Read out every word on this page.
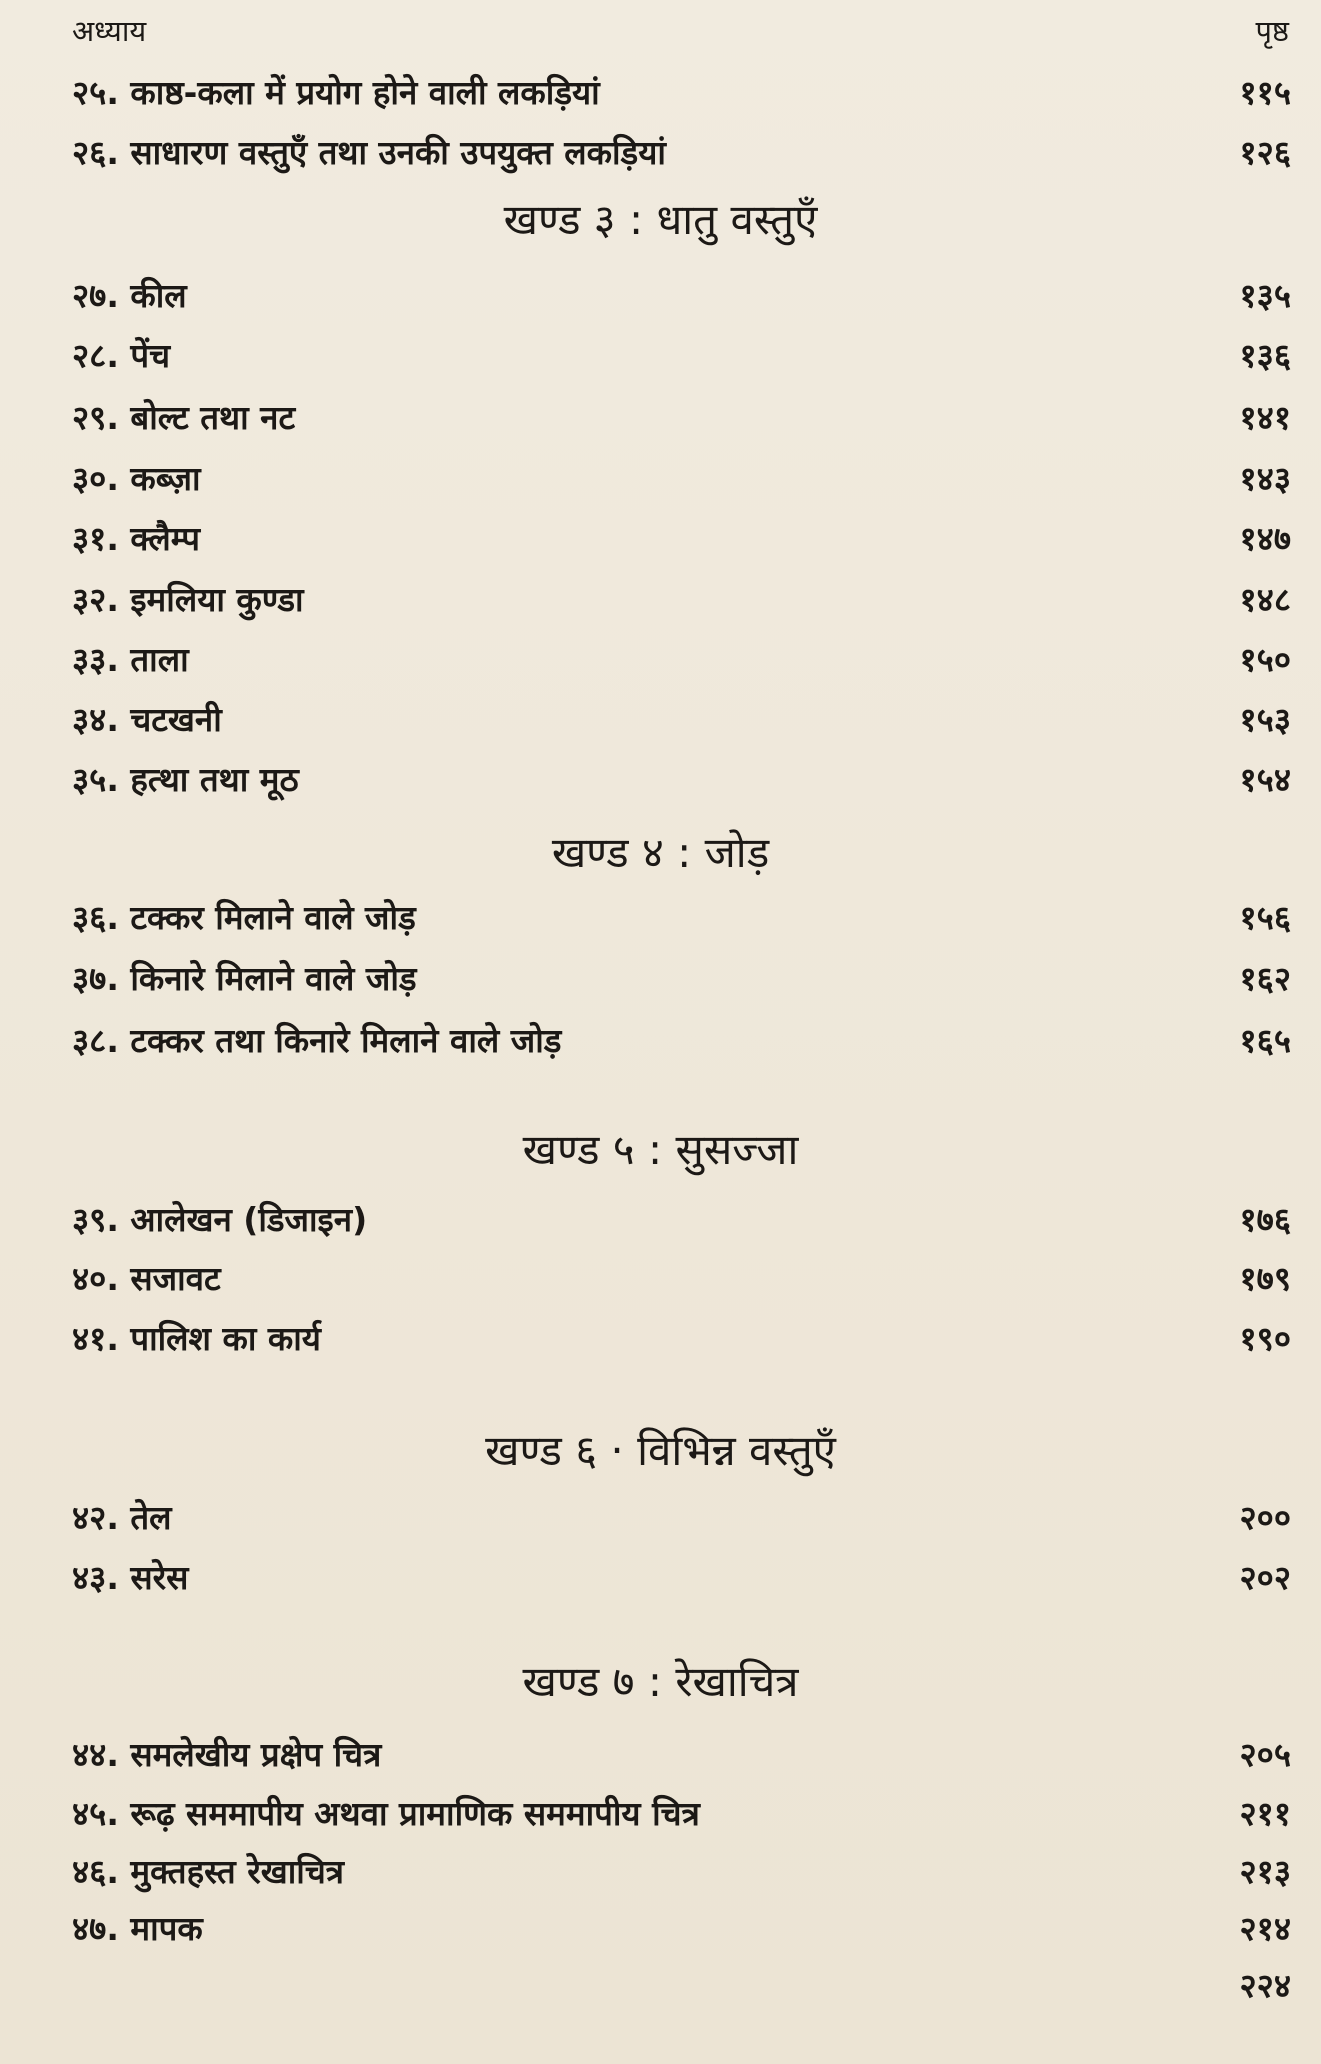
अध्याय	पृष्ठ
२५. काष्ठ-कला में प्रयोग होने वाली लकड़ियां	११५
२६. साधारण वस्तुएँ तथा उनकी उपयुक्त लकड़ियां	१२६
खण्ड ३ : धातु वस्तुएँ
२७. कील	१३५
२८. पेंच	१३६
२९. बोल्ट तथा नट	१४१
३०. कब्ज़ा	१४३
३१. क्लैम्प	१४७
३२. इमलिया कुण्डा	१४८
३३. ताला	१५०
३४. चटखनी	१५३
३५. हत्था तथा मूठ	१५४
खण्ड ४ : जोड़
३६. टक्कर मिलाने वाले जोड़	१५६
३७. किनारे मिलाने वाले जोड़	१६२
३८. टक्कर तथा किनारे मिलाने वाले जोड़	१६५
खण्ड ५ : सुसज्जा
३९. आलेखन (डिजाइन)	१७६
४०. सजावट	१७९
४१. पालिश का कार्य	१९०
खण्ड ६ · विभिन्न वस्तुएँ
४२. तेल	२००
४३. सरेस	२०२
खण्ड ७ : रेखाचित्र
४४. समलेखीय प्रक्षेप चित्र	२०५
४५. रूढ़ सममापीय अथवा प्रामाणिक सममापीय चित्र	२११
४६. मुक्तहस्त रेखाचित्र	२१३
४७. मापक	२१४
२२४
